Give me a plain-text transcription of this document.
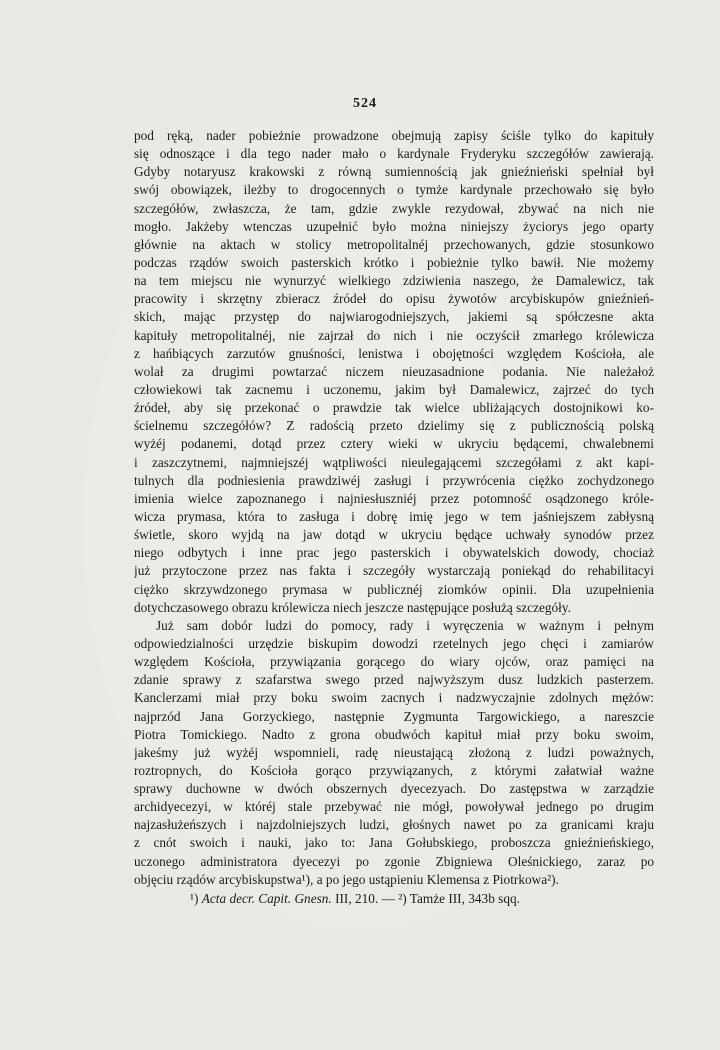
524
pod ręką, nader pobieżnie prowadzone obejmują zapisy ściśle tylko do kapituły
się odnoszące i dla tego nader mało o kardynale Fryderyku szczegółów zawierają.
Gdyby notaryusz krakowski z równą sumiennością jak gnieźnieński spełniał był
swój obowiązek, ileżby to drogocennych o tymże kardynale przechowało się było
szczegółów, zwłaszcza, że tam, gdzie zwykle rezydował, zbywać na nich nie
mogło. Jakżeby wtenczas uzupełnić było można niniejszy życiorys jego oparty
głównie na aktach w stolicy metropolitalnéj przechowanych, gdzie stosunkowo
podczas rządów swoich pasterskich krótko i pobieżnie tylko bawił. Nie możemy
na tem miejscu nie wynurzyć wielkiego zdziwienia naszego, że Damalewicz, tak
pracowity i skrzętny zbieracz źródeł do opisu żywotów arcybiskupów gnieźnień-
skich, mając przystęp do najwiarogodniejszych, jakiemi są spółczesne akta
kapituły metropolitalnéj, nie zajrzał do nich i nie oczyścił zmarłego królewicza
z hańbiących zarzutów gnuśności, lenistwa i obojętności względem Kościoła, ale
wolał za drugimi powtarzać niczem nieuzasadnione podania. Nie należałoż
człowiekowi tak zacnemu i uczonemu, jakim był Damalewicz, zajrzeć do tych
źródeł, aby się przekonać o prawdzie tak wielce ubliżających dostojnikowi ko-
ścielnemu szczegółów? Z radością przeto dzielimy się z publicznością polską
wyżéj podanemi, dotąd przez cztery wieki w ukryciu będącemi, chwalebnemi
i zaszczytnemi, najmniejszéj wątpliwości nieulegającemi szczegółami z akt kapi-
tulnych dla podniesienia prawdziwéj zasługi i przywrócenia ciężko zochydzonego
imienia wielce zapoznanego i najniesłuszniéj przez potomność osądzonego króle-
wicza prymasa, która to zasługa i dobrę imię jego w tem jaśniejszem zabłysną
świetle, skoro wyjdą na jaw dotąd w ukryciu będące uchwały synodów przez
niego odbytych i inne prac jego pasterskich i obywatelskich dowody, chociaż
już przytoczone przez nas fakta i szczegóły wystarczają poniekąd do rehabilitacyi
ciężko skrzywdzonego prymasa w publicznéj ziomków opinii. Dla uzupełnienia
dotychczasowego obrazu królewicza niech jeszcze następujące posłużą szczegóły.
Już sam dobór ludzi do pomocy, rady i wyręczenia w ważnym i pełnym
odpowiedzialności urzędzie biskupim dowodzi rzetelnych jego chęci i zamiarów
względem Kościoła, przywiązania gorącego do wiary ojców, oraz pamięci na
zdanie sprawy z szafarstwa swego przed najwyższym dusz ludzkich pasterzem.
Kanclerzami miał przy boku swoim zacnych i nadzwyczajnie zdolnych mężów:
najprzód Jana Gorzyckiego, następnie Zygmunta Targowickiego, a nareszcie
Piotra Tomickiego. Nadto z grona obudwóch kapituł miał przy boku swoim,
jakeśmy już wyżéj wspomnieli, radę nieustającą złożoną z ludzi poważnych,
roztropnych, do Kościoła gorąco przywiązanych, z którymi załatwiał ważne
sprawy duchowne w dwóch obszernych dyecezyach. Do zastępstwa w zarządzie
archidyecezyi, w któréj stale przebywać nie mógł, powoływał jednego po drugim
najzasłużeńszych i najzdolniejszych ludzi, głośnych nawet po za granicami kraju
z cnót swoich i nauki, jako to: Jana Gołubskiego, proboszcza gnieźnieńskiego,
uczonego administratora dyecezyi po zgonie Zbigniewa Oleśnickiego, zaraz po
objęciu rządów arcybiskupstwa¹), a po jego ustąpieniu Klemensa z Piotrkowa²).
¹) Acta decr. Capit. Gnesn. III, 210. — ²) Tamże III, 343b sqq.
